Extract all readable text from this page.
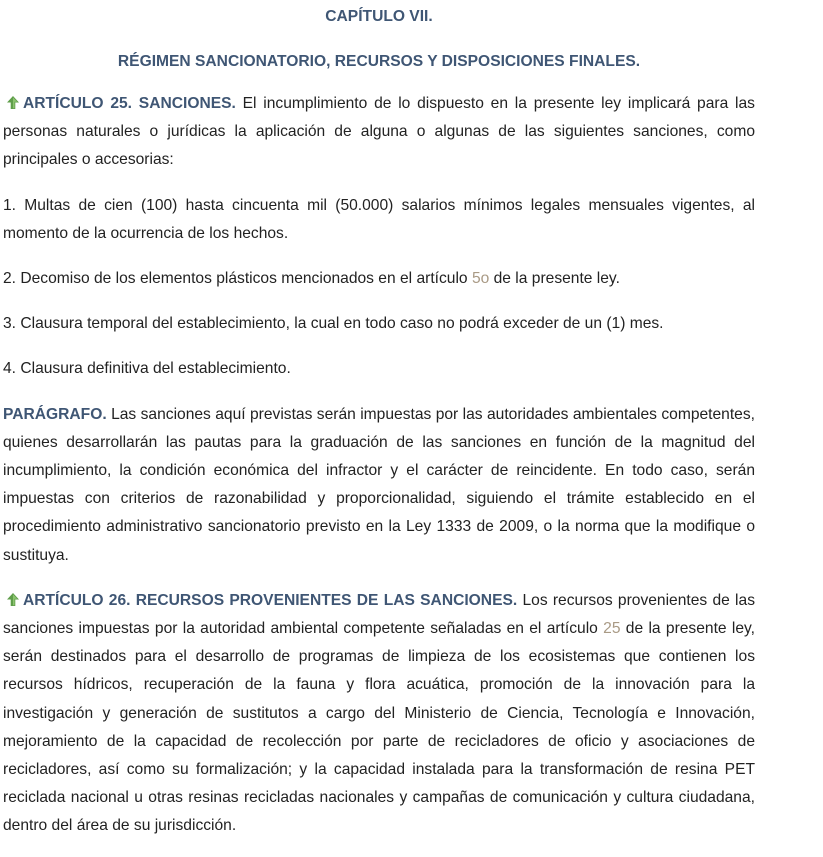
CAPÍTULO VII.
RÉGIMEN SANCIONATORIO, RECURSOS Y DISPOSICIONES FINALES.

ARTÍCULO 25. SANCIONES. El incumplimiento de lo dispuesto en la presente ley implicará para las personas naturales o jurídicas la aplicación de alguna o algunas de las siguientes sanciones, como principales o accesorias:

1. Multas de cien (100) hasta cincuenta mil (50.000) salarios mínimos legales mensuales vigentes, al momento de la ocurrencia de los hechos.

2. Decomiso de los elementos plásticos mencionados en el artículo 5o de la presente ley.

3. Clausura temporal del establecimiento, la cual en todo caso no podrá exceder de un (1) mes.

4. Clausura definitiva del establecimiento.

PARÁGRAFO. Las sanciones aquí previstas serán impuestas por las autoridades ambientales competentes, quienes desarrollarán las pautas para la graduación de las sanciones en función de la magnitud del incumplimiento, la condición económica del infractor y el carácter de reincidente. En todo caso, serán impuestas con criterios de razonabilidad y proporcionalidad, siguiendo el trámite establecido en el procedimiento administrativo sancionatorio previsto en la Ley 1333 de 2009, o la norma que la modifique o sustituya.

ARTÍCULO 26. RECURSOS PROVENIENTES DE LAS SANCIONES. Los recursos provenientes de las sanciones impuestas por la autoridad ambiental competente señaladas en el artículo 25 de la presente ley, serán destinados para el desarrollo de programas de limpieza de los ecosistemas que contienen los recursos hídricos, recuperación de la fauna y flora acuática, promoción de la innovación para la investigación y generación de sustitutos a cargo del Ministerio de Ciencia, Tecnología e Innovación, mejoramiento de la capacidad de recolección por parte de recicladores de oficio y asociaciones de recicladores, así como su formalización; y la capacidad instalada para la transformación de resina PET reciclada nacional u otras resinas recicladas nacionales y campañas de comunicación y cultura ciudadana, dentro del área de su jurisdicción.
